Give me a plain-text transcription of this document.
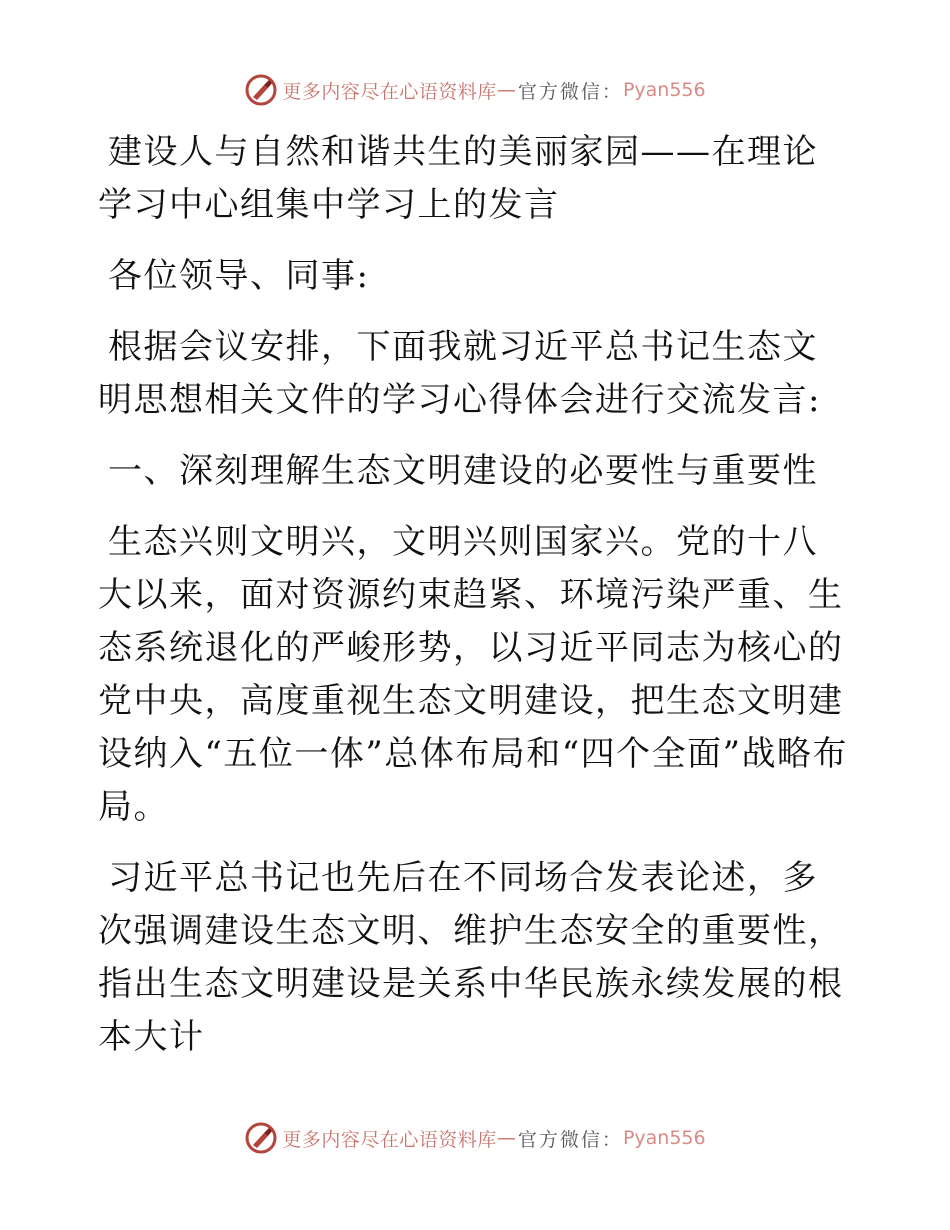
更多内容尽在心语资料库 — 官方微信： Pyan556

建设人与自然和谐共生的美丽家园——在理论学习中心组集中学习上的发言

各位领导、同事:

根据会议安排，下面我就习近平总书记生态文明思想相关文件的学习心得体会进行交流发言:

一、深刻理解生态文明建设的必要性与重要性

生态兴则文明兴，文明兴则国家兴。党的十八大以来，面对资源约束趋紧、环境污染严重、生态系统退化的严峻形势，以习近平同志为核心的党中央，高度重视生态文明建设，把生态文明建设纳入“五位一体”总体布局和“四个全面”战略布局。

习近平总书记也先后在不同场合发表论述，多次强调建设生态文明、维护生态安全的重要性，指出生态文明建设是关系中华民族永续发展的根本大计

更多内容尽在心语资料库 — 官方微信： Pyan556
